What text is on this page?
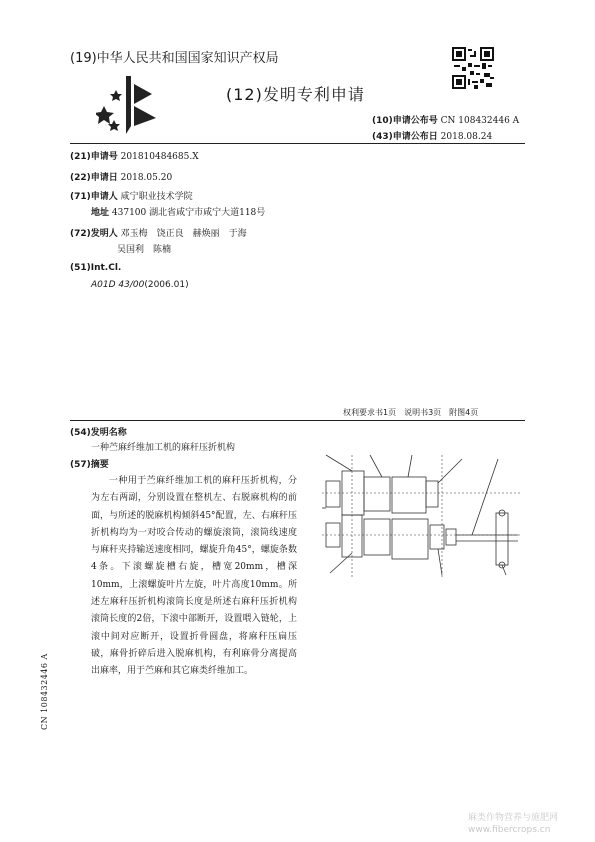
(19)中华人民共和国国家知识产权局
(12)发明专利申请
(10)申请公布号 CN 108432446 A
(43)申请公布日 2018.08.24
(21)申请号 201810484685.X
(22)申请日 2018.05.20
(71)申请人 咸宁职业技术学院
地址 437100 湖北省咸宁市咸宁大道118号
(72)发明人 邓玉梅　饶正良　赫焕丽　于海
吴国利　陈楠
(51)Int.Cl.
A01D 43/00(2006.01)
权利要求书1页　说明书3页　附图4页
(54)发明名称
一种苎麻纤维加工机的麻秆压折机构
(57)摘要
一种用于苎麻纤维加工机的麻秆压折机构，分为左右两副，分别设置在整机左、右脱麻机构的前面，与所述的脱麻机构倾斜45°配置，左、右麻秆压折机构均为一对咬合传动的螺旋滚筒，滚筒线速度与麻秆夹持输送速度相同，螺旋升角45°，螺旋条数4条。下滚螺旋槽右旋，槽宽20mm，槽深10mm，上滚螺旋叶片左旋，叶片高度10mm。所述左麻秆压折机构滚筒长度是所述右麻秆压折机构滚筒长度的2倍，下滚中部断开，设置喂入链轮，上滚中间对应断开，设置折骨圆盘，将麻秆压扁压破，麻骨折碎后进入脱麻机构，有利麻骨分离提高出麻率，用于苎麻和其它麻类纤维加工。
CN 108432446 A
麻类作物营养与施肥网
www.fibercrops.cn
